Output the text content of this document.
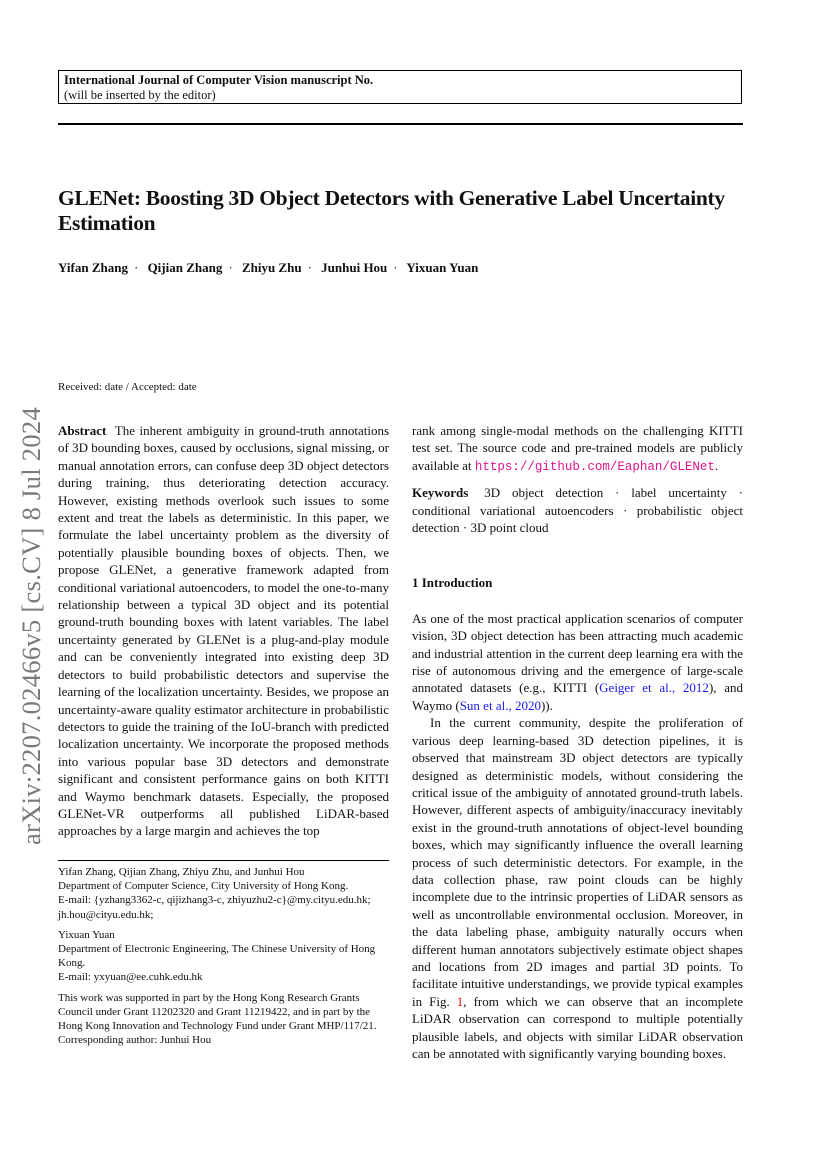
International Journal of Computer Vision manuscript No.
(will be inserted by the editor)
GLENet: Boosting 3D Object Detectors with Generative Label Uncertainty Estimation
Yifan Zhang · Qijian Zhang · Zhiyu Zhu · Junhui Hou · Yixuan Yuan
Received: date / Accepted: date
arXiv:2207.02466v5 [cs.CV] 8 Jul 2024 Abstract The inherent ambiguity in ground-truth annotations of 3D bounding boxes, caused by occlusions, signal missing, or manual annotation errors, can confuse deep 3D object detectors during training, thus deteriorating detection accuracy. However, existing methods overlook such issues to some extent and treat the labels as deterministic. In this paper, we formulate the label uncertainty problem as the diversity of potentially plausible bounding boxes of objects. Then, we propose GLENet, a generative framework adapted from conditional variational autoencoders, to model the one-to-many relationship between a typical 3D object and its potential ground-truth bounding boxes with latent variables. The label uncertainty generated by GLENet is a plug-and-play module and can be conveniently integrated into existing deep 3D detectors to build probabilistic detectors and supervise the learning of the localization uncertainty. Besides, we propose an uncertainty-aware quality estimator architecture in probabilistic detectors to guide the training of the IoU-branch with predicted localization uncertainty. We incorporate the proposed methods into various popular base 3D detectors and demonstrate significant and consistent performance gains on both KITTI and Waymo benchmark datasets. Especially, the proposed GLENet-VR outperforms all published LiDAR-based approaches by a large margin and achieves the top

Yifan Zhang, Qijian Zhang, Zhiyu Zhu, and Junhui Hou
Department of Computer Science, City University of Hong Kong.
E-mail: {yzhang3362-c, qijizhang3-c, zhiyuzhu2-c}@my.cityu.edu.hk; jh.hou@cityu.edu.hk;

Yixuan Yuan
Department of Electronic Engineering, The Chinese University of Hong Kong.
E-mail: yxyuan@ee.cuhk.edu.hk

This work was supported in part by the Hong Kong Research Grants Council under Grant 11202320 and Grant 11219422, and in part by the Hong Kong Innovation and Technology Fund under Grant MHP/117/21.
Corresponding author: Junhui Hou

rank among single-modal methods on the challenging KITTI test set. The source code and pre-trained models are publicly available at https://github.com/Eaphan/GLENet.

Keywords 3D object detection · label uncertainty · conditional variational autoencoders · probabilistic object detection · 3D point cloud

1 Introduction

As one of the most practical application scenarios of computer vision, 3D object detection has been attracting much academic and industrial attention in the current deep learning era with the rise of autonomous driving and the emergence of large-scale annotated datasets (e.g., KITTI (Geiger et al., 2012), and Waymo (Sun et al., 2020)).

In the current community, despite the proliferation of various deep learning-based 3D detection pipelines, it is observed that mainstream 3D object detectors are typically designed as deterministic models, without considering the critical issue of the ambiguity of annotated ground-truth labels. However, different aspects of ambiguity/inaccuracy inevitably exist in the ground-truth annotations of object-level bounding boxes, which may significantly influence the overall learning process of such deterministic detectors. For example, in the data collection phase, raw point clouds can be highly incomplete due to the intrinsic properties of LiDAR sensors as well as uncontrollable environmental occlusion. Moreover, in the data labeling phase, ambiguity naturally occurs when different human annotators subjectively estimate object shapes and locations from 2D images and partial 3D points. To facilitate intuitive understandings, we provide typical examples in Fig. 1, from which we can observe that an incomplete LiDAR observation can correspond to multiple potentially plausible labels, and objects with similar LiDAR observation can be annotated with significantly varying bounding boxes.
